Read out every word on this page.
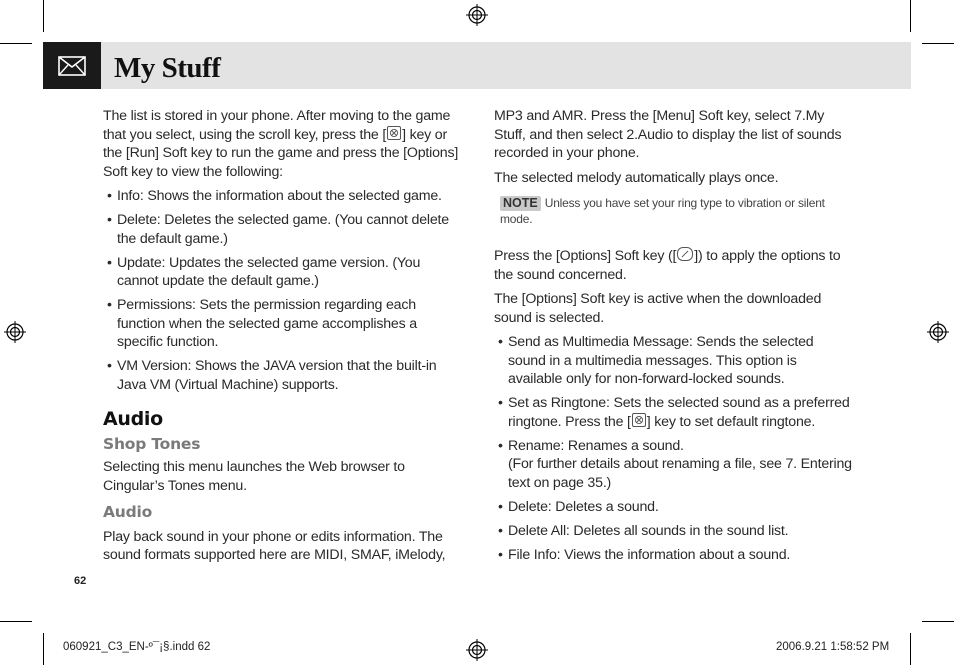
My Stuff

The list is stored in your phone. After moving to the game that you select, using the scroll key, press the [ ] key or the [Run] Soft key to run the game and press the [Options] Soft key to view the following:

• Info: Shows the information about the selected game.
• Delete: Deletes the selected game. (You cannot delete the default game.)
• Update: Updates the selected game version. (You cannot update the default game.)
• Permissions: Sets the permission regarding each function when the selected game accomplishes a specific function.
• VM Version: Shows the JAVA version that the built-in Java VM (Virtual Machine) supports.
Audio
Shop Tones

Selecting this menu launches the Web browser to Cingular’s Tones menu.

Audio

Play back sound in your phone or edits information. The sound formats supported here are MIDI, SMAF, iMelody,

62

MP3 and AMR. Press the [Menu] Soft key, select 7.My Stuff, and then select 2.Audio to display the list of sounds recorded in your phone.

The selected melody automatically plays once.

NOTE Unless you have set your ring type to vibration or silent mode.

Press the [Options] Soft key ([ ]) to apply the options to the sound concerned.

The [Options] Soft key is active when the downloaded sound is selected.

• Send as Multimedia Message: Sends the selected sound in a multimedia messages. This option is available only for non-forward-locked sounds.
• Set as Ringtone: Sets the selected sound as a preferred ringtone. Press the [ ] key to set default ringtone.
• Rename: Renames a sound.
(For further details about renaming a file, see 7. Entering text on page 35.)
• Delete: Deletes a sound.
• Delete All: Deletes all sounds in the sound list.
• File Info: Views the information about a sound.
060921_C3_EN-º¯¡§.indd 62	2006.9.21 1:58:52 PM
